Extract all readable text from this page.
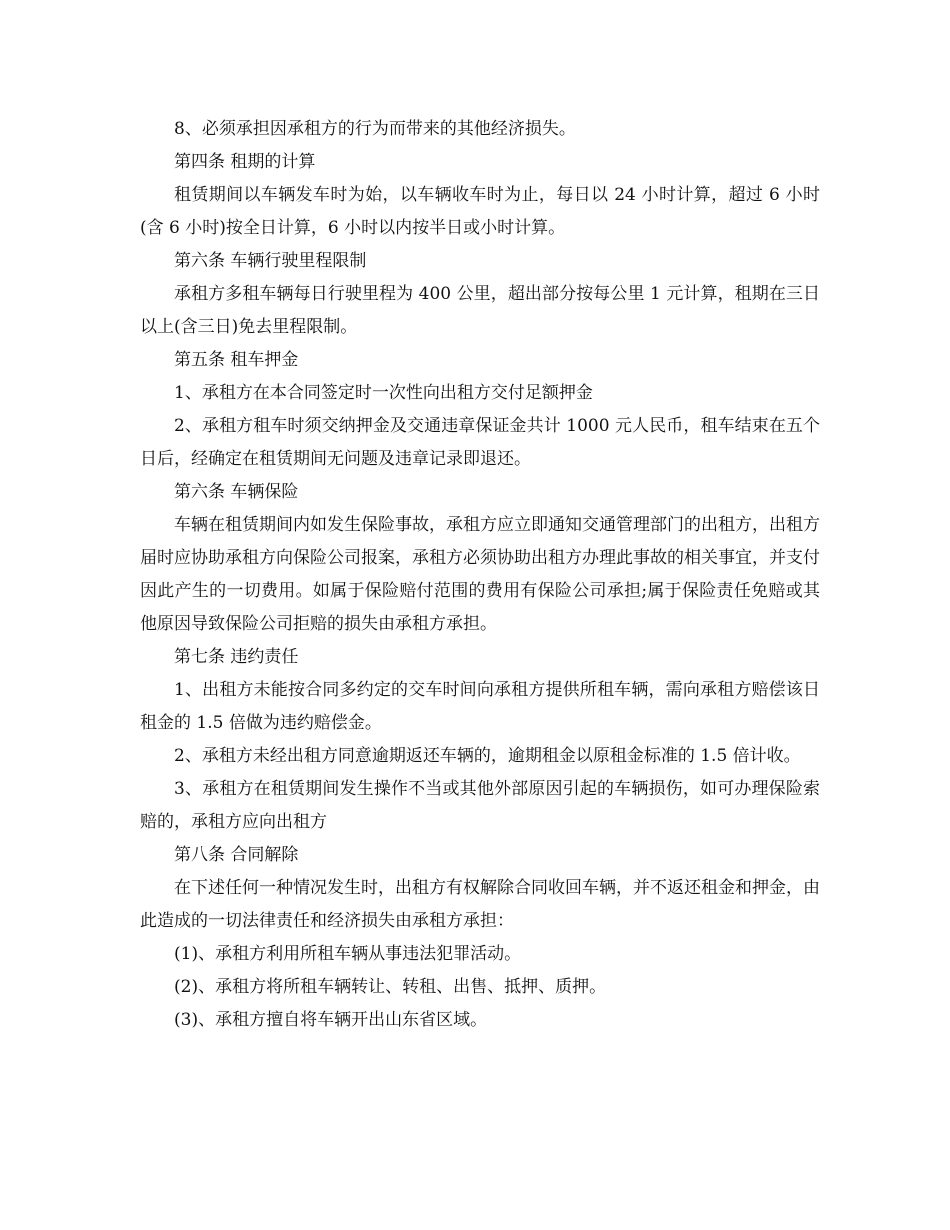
8、必须承担因承租方的行为而带来的其他经济损失。

第四条 租期的计算

租赁期间以车辆发车时为始，以车辆收车时为止，每日以 24 小时计算，超过 6 小时(含 6 小时)按全日计算，6 小时以内按半日或小时计算。

第六条 车辆行驶里程限制

承租方多租车辆每日行驶里程为 400 公里，超出部分按每公里 1 元计算，租期在三日以上(含三日)免去里程限制。

第五条 租车押金

1、承租方在本合同签定时一次性向出租方交付足额押金

2、承租方租车时须交纳押金及交通违章保证金共计 1000 元人民币，租车结束在五个日后，经确定在租赁期间无问题及违章记录即退还。

第六条 车辆保险

车辆在租赁期间内如发生保险事故，承租方应立即通知交通管理部门的出租方，出租方届时应协助承租方向保险公司报案，承租方必须协助出租方办理此事故的相关事宜，并支付因此产生的一切费用。如属于保险赔付范围的费用有保险公司承担;属于保险责任免赔或其他原因导致保险公司拒赔的损失由承租方承担。

第七条 违约责任

1、出租方未能按合同多约定的交车时间向承租方提供所租车辆，需向承租方赔偿该日租金的 1.5 倍做为违约赔偿金。

2、承租方未经出租方同意逾期返还车辆的，逾期租金以原租金标准的 1.5 倍计收。

3、承租方在租赁期间发生操作不当或其他外部原因引起的车辆损伤，如可办理保险索赔的，承租方应向出租方

第八条 合同解除

在下述任何一种情况发生时，出租方有权解除合同收回车辆，并不返还租金和押金，由此造成的一切法律责任和经济损失由承租方承担：

(1)、承租方利用所租车辆从事违法犯罪活动。

(2)、承租方将所租车辆转让、转租、出售、抵押、质押。

(3)、承租方擅自将车辆开出山东省区域。
